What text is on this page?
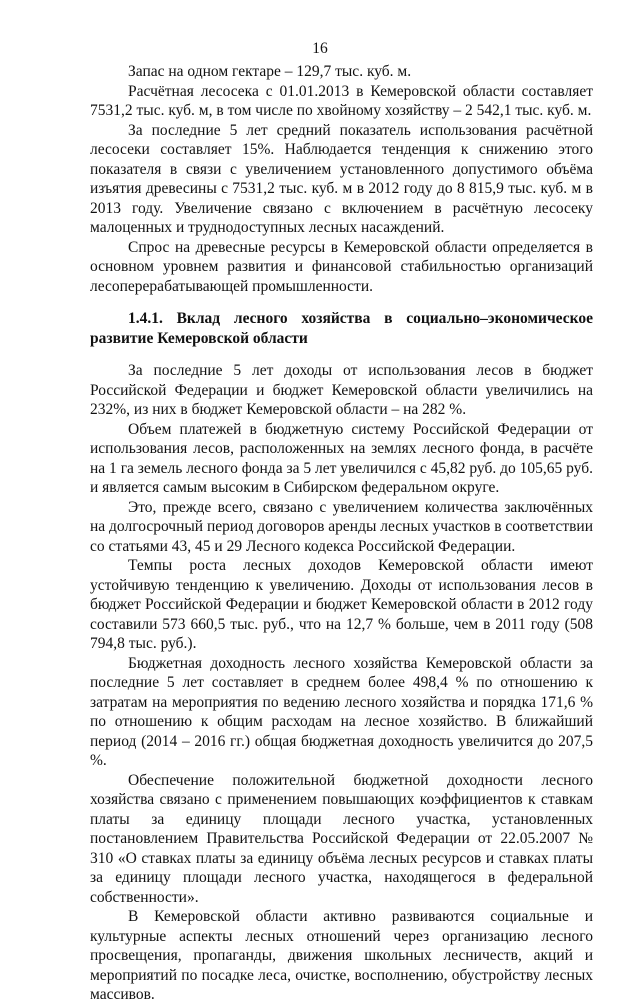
16

Запас на одном гектаре – 129,7 тыс. куб. м.

Расчётная лесосека с 01.01.2013 в Кемеровской области составляет 7531,2 тыс. куб. м, в том числе по хвойному хозяйству – 2 542,1 тыс. куб. м.

За последние 5 лет средний показатель использования расчётной лесосеки составляет 15%. Наблюдается тенденция к снижению этого показателя в связи с увеличением установленного допустимого объёма изъятия древесины с 7531,2 тыс. куб. м в 2012 году до 8 815,9 тыс. куб. м в 2013 году. Увеличение связано с включением в расчётную лесосеку малоценных и труднодоступных лесных насаждений.

Спрос на древесные ресурсы в Кемеровской области определяется в основном уровнем развития и финансовой стабильностью организаций лесоперерабатывающей промышленности.

1.4.1. Вклад лесного хозяйства в социально–экономическое развитие Кемеровской области

За последние 5 лет доходы от использования лесов в бюджет Российской Федерации и бюджет Кемеровской области увеличились на 232%, из них в бюджет Кемеровской области – на 282 %.

Объем платежей в бюджетную систему Российской Федерации от использования лесов, расположенных на землях лесного фонда, в расчёте на 1 га земель лесного фонда за 5 лет увеличился с 45,82 руб. до 105,65 руб. и является самым высоким в Сибирском федеральном округе.

Это, прежде всего, связано с увеличением количества заключённых на долгосрочный период договоров аренды лесных участков в соответствии со статьями 43, 45 и 29 Лесного кодекса Российской Федерации.

Темпы роста лесных доходов Кемеровской области имеют устойчивую тенденцию к увеличению. Доходы от использования лесов в бюджет Российской Федерации и бюджет Кемеровской области в 2012 году составили 573 660,5 тыс. руб., что на 12,7 % больше, чем в 2011 году (508 794,8 тыс. руб.).

Бюджетная доходность лесного хозяйства Кемеровской области за последние 5 лет составляет в среднем более 498,4 % по отношению к затратам на мероприятия по ведению лесного хозяйства и порядка 171,6 % по отношению к общим расходам на лесное хозяйство. В ближайший период (2014 – 2016 гг.) общая бюджетная доходность увеличится до 207,5 %.

Обеспечение положительной бюджетной доходности лесного хозяйства связано с применением повышающих коэффициентов к ставкам платы за единицу площади лесного участка, установленных постановлением Правительства Российской Федерации от 22.05.2007 № 310 «О ставках платы за единицу объёма лесных ресурсов и ставках платы за единицу площади лесного участка, находящегося в федеральной собственности».

В Кемеровской области активно развиваются социальные и культурные аспекты лесных отношений через организацию лесного просвещения, пропаганды, движения школьных лесничеств, акций и мероприятий по посадке леса, очистке, восполнению, обустройству лесных массивов.
